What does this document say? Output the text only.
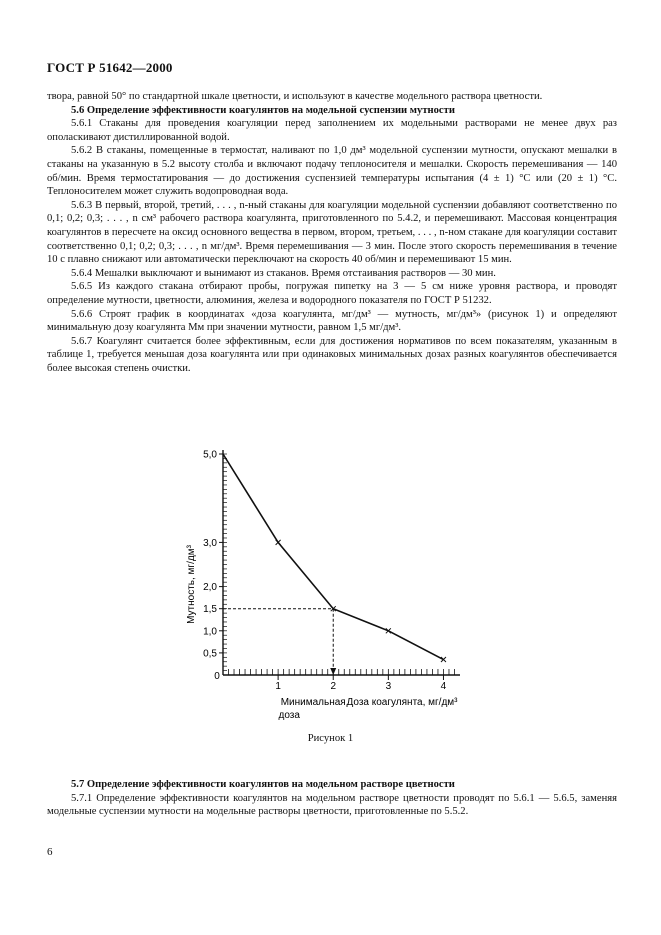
ГОСТ Р 51642—2000

твора, равной 50° по стандартной шкале цветности, и используют в качестве модельного раствора цветности.

5.6 Определение эффективности коагулянтов на модельной суспензии мутности

5.6.1 Стаканы для проведения коагуляции перед заполнением их модельными растворами не менее двух раз ополаскивают дистиллированной водой.

5.6.2 В стаканы, помещенные в термостат, наливают по 1,0 дм³ модельной суспензии мутности, опускают мешалки в стаканы на указанную в 5.2 высоту столба и включают подачу теплоносителя и мешалки. Скорость перемешивания — 140 об/мин. Время термостатирования — до достижения суспензией температуры испытания (4 ± 1) °С или (20 ± 1) °С. Теплоносителем может служить водопроводная вода.

5.6.3 В первый, второй, третий, . . . , n-ный стаканы для коагуляции модельной суспензии добавляют соответственно по 0,1; 0,2; 0,3; . . . , n см³ рабочего раствора коагулянта, приготовленного по 5.4.2, и перемешивают. Массовая концентрация коагулянтов в пересчете на оксид основного вещества в первом, втором, третьем, . . . , n-ном стакане для коагуляции составит соответственно 0,1; 0,2; 0,3; . . . , n мг/дм³. Время перемешивания — 3 мин. После этого скорость перемешивания в течение 10 с плавно снижают или автоматически переключают на скорость 40 об/мин и перемешивают 15 мин.

5.6.4 Мешалки выключают и вынимают из стаканов. Время отстаивания растворов — 30 мин.

5.6.5 Из каждого стакана отбирают пробы, погружая пипетку на 3 — 5 см ниже уровня раствора, и проводят определение мутности, цветности, алюминия, железа и водородного показателя по ГОСТ Р 51232.

5.6.6 Строят график в координатах «доза коагулянта, мг/дм³ — мутность, мг/дм³» (рисунок 1) и определяют минимальную дозу коагулянта Мм при значении мутности, равном 1,5 мг/дм³.

5.6.7 Коагулянт считается более эффективным, если для достижения нормативов по всем показателям, указанным в таблице 1, требуется меньшая доза коагулянта или при одинаковых минимальных дозах разных коагулянтов обеспечивается более высокая степень очистки.

0
1	2	3	4
0,5
1,0
1,5
2,0
3,0
5,0
Мутность, мг/дм³
Доза коагулянта, мг/дм³
Минимальная
доза
Рисунок 1

5.7 Определение эффективности коагулянтов на модельном растворе цветности

5.7.1 Определение эффективности коагулянтов на модельном растворе цветности проводят по 5.6.1 — 5.6.5, заменяя модельные суспензии мутности на модельные растворы цветности, приготовленные по 5.5.2.

6
